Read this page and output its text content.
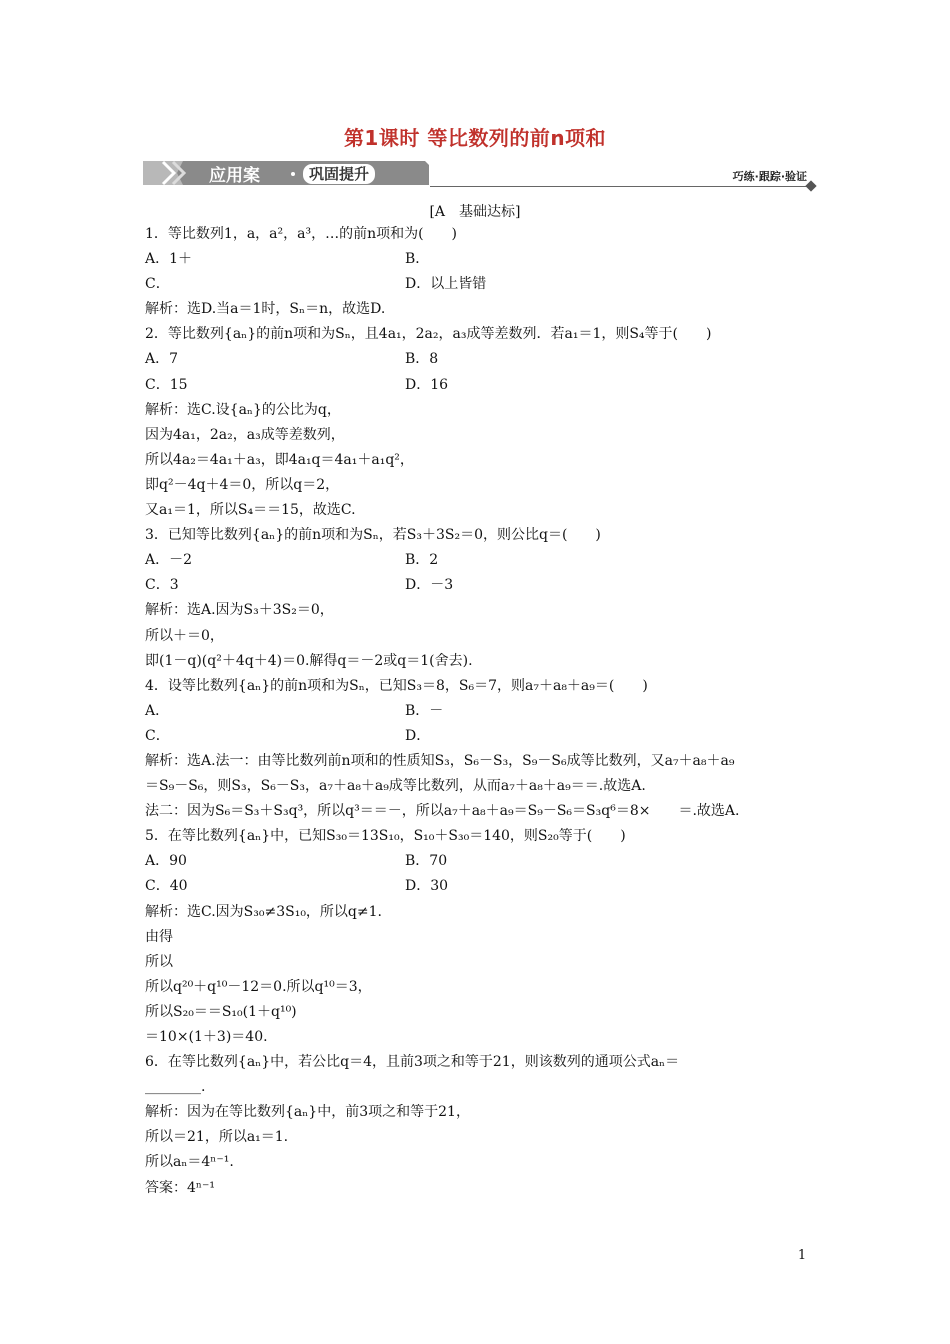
第1课时 等比数列的前n项和
应用案	巩固提升	巧练·跟踪·验证
[A　基础达标]
1．等比数列1，a，a²，a³，…的前n项和为(　　)
A．1＋	B．
C．	D．以上皆错
解析：选D.当a＝1时，Sₙ＝n，故选D.
2．等比数列{aₙ}的前n项和为Sₙ，且4a₁，2a₂，a₃成等差数列．若a₁＝1，则S₄等于(　　)
A．7	B．8
C．15	D．16
解析：选C.设{aₙ}的公比为q，
因为4a₁，2a₂，a₃成等差数列，
所以4a₂＝4a₁＋a₃，即4a₁q＝4a₁＋a₁q²，
即q²－4q＋4＝0，所以q＝2，
又a₁＝1，所以S₄＝＝15，故选C.
3．已知等比数列{aₙ}的前n项和为Sₙ，若S₃＋3S₂＝0，则公比q＝(　　)
A．－2	B．2
C．3	D．－3
解析：选A.因为S₃＋3S₂＝0，
所以＋＝0，
即(1－q)(q²＋4q＋4)＝0.解得q＝－2或q＝1(舍去).
4．设等比数列{aₙ}的前n项和为Sₙ，已知S₃＝8，S₆＝7，则a₇＋a₈＋a₉＝(　　)
A．	B．－
C．	D．
解析：选A.法一：由等比数列前n项和的性质知S₃，S₆－S₃，S₉－S₆成等比数列，又a₇＋a₈＋a₉
＝S₉－S₆，则S₃，S₆－S₃，a₇＋a₈＋a₉成等比数列，从而a₇＋a₈＋a₉＝＝.故选A.
法二：因为S₆＝S₃＋S₃q³，所以q³＝＝－，所以a₇＋a₈＋a₉＝S₉－S₆＝S₃q⁶＝8×　　＝.故选A.
5．在等比数列{aₙ}中，已知S₃₀＝13S₁₀，S₁₀＋S₃₀＝140，则S₂₀等于(　　)
A．90	B．70
C．40	D．30
解析：选C.因为S₃₀≠3S₁₀，所以q≠1.
由得
所以
所以q²⁰＋q¹⁰－12＝0.所以q¹⁰＝3，
所以S₂₀＝＝S₁₀(1＋q¹⁰)
＝10×(1＋3)＝40.
6．在等比数列{aₙ}中，若公比q＝4，且前3项之和等于21，则该数列的通项公式aₙ＝
________.
解析：因为在等比数列{aₙ}中，前3项之和等于21，
所以＝21，所以a₁＝1.
所以aₙ＝4ⁿ⁻¹.
答案：4ⁿ⁻¹
1
